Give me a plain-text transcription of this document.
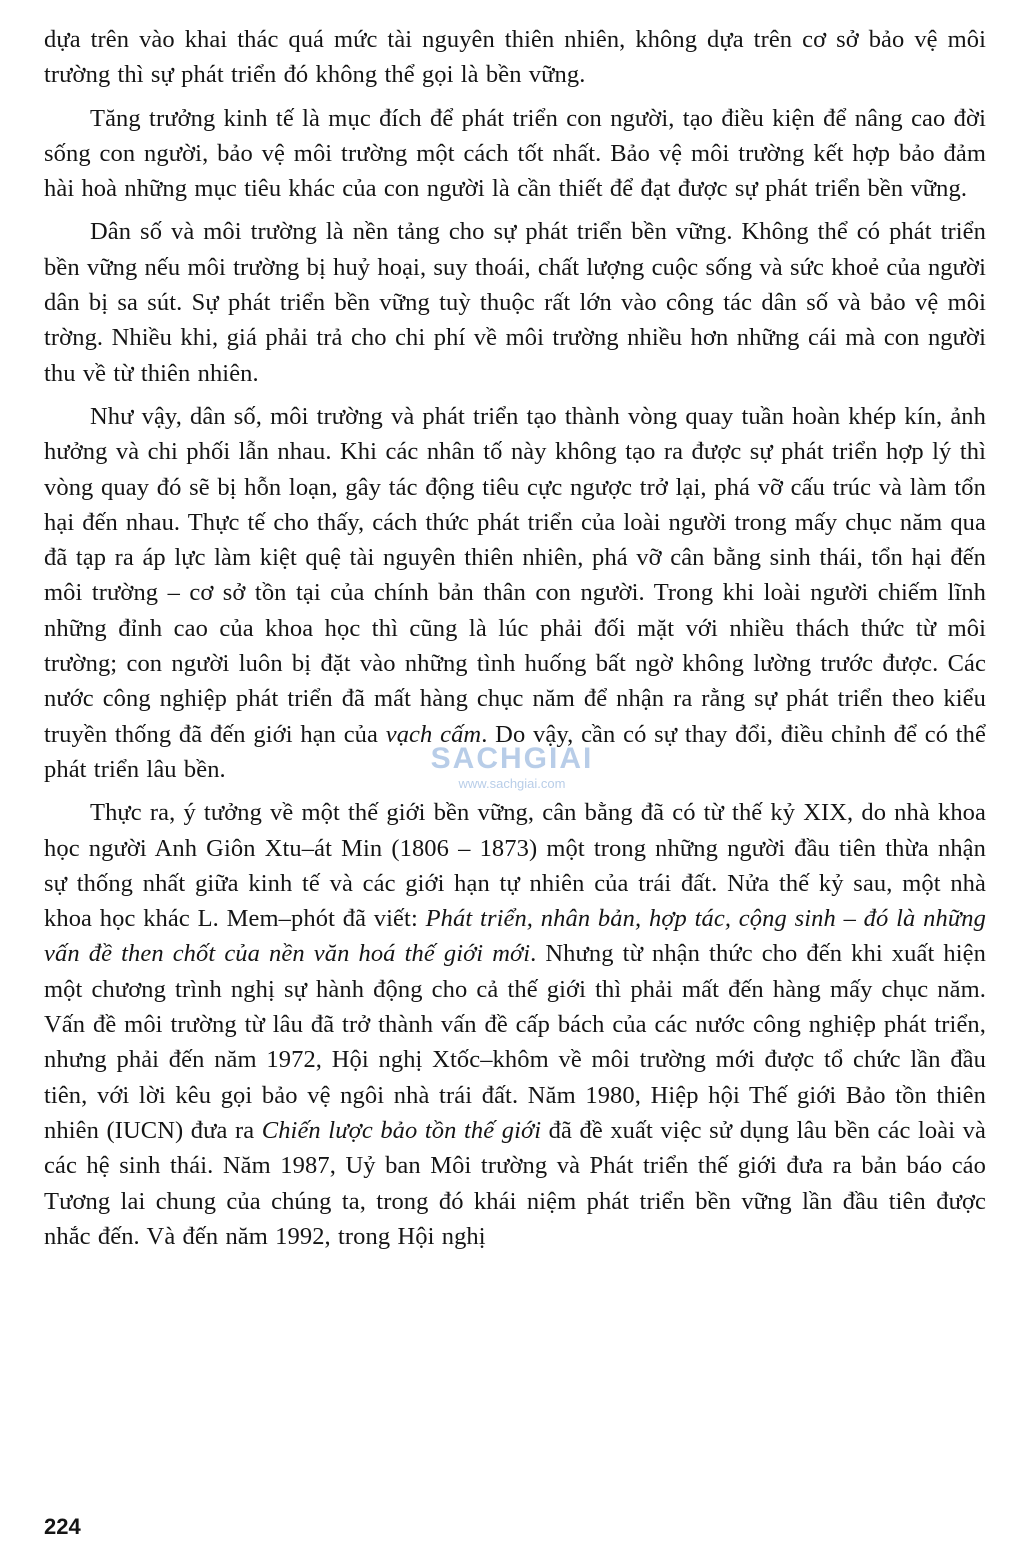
dựa trên vào khai thác quá mức tài nguyên thiên nhiên, không dựa trên cơ sở bảo vệ môi trường thì sự phát triển đó không thể gọi là bền vững.

Tăng trưởng kinh tế là mục đích để phát triển con người, tạo điều kiện để nâng cao đời sống con người, bảo vệ môi trường một cách tốt nhất. Bảo vệ môi trường kết hợp bảo đảm hài hoà những mục tiêu khác của con người là cần thiết để đạt được sự phát triển bền vững.

Dân số và môi trường là nền tảng cho sự phát triển bền vững. Không thể có phát triển bền vững nếu môi trường bị huỷ hoại, suy thoái, chất lượng cuộc sống và sức khoẻ của người dân bị sa sút. Sự phát triển bền vững tuỳ thuộc rất lớn vào công tác dân số và bảo vệ môi trờng. Nhiều khi, giá phải trả cho chi phí về môi trường nhiều hơn những cái mà con người thu về từ thiên nhiên.

Như vậy, dân số, môi trường và phát triển tạo thành vòng quay tuần hoàn khép kín, ảnh hưởng và chi phối lẫn nhau. Khi các nhân tố này không tạo ra được sự phát triển hợp lý thì vòng quay đó sẽ bị hỗn loạn, gây tác động tiêu cực ngược trở lại, phá vỡ cấu trúc và làm tổn hại đến nhau. Thực tế cho thấy, cách thức phát triển của loài người trong mấy chục năm qua đã tạp ra áp lực làm kiệt quệ tài nguyên thiên nhiên, phá vỡ cân bằng sinh thái, tổn hại đến môi trường – cơ sở tồn tại của chính bản thân con người. Trong khi loài người chiếm lĩnh những đỉnh cao của khoa học thì cũng là lúc phải đối mặt với nhiều thách thức từ môi trường; con người luôn bị đặt vào những tình huống bất ngờ không lường trước được. Các nước công nghiệp phát triển đã mất hàng chục năm để nhận ra rằng sự phát triển theo kiểu truyền thống đã đến giới hạn của vạch cấm. Do vậy, cần có sự thay đổi, điều chỉnh để có thể phát triển lâu bền.

Thực ra, ý tưởng về một thế giới bền vững, cân bằng đã có từ thế kỷ XIX, do nhà khoa học người Anh Giôn Xtu–át Min (1806 – 1873) một trong những người đầu tiên thừa nhận sự thống nhất giữa kinh tế và các giới hạn tự nhiên của trái đất. Nửa thế kỷ sau, một nhà khoa học khác L. Mem–phót đã viết: Phát triển, nhân bản, hợp tác, cộng sinh – đó là những vấn đề then chốt của nền văn hoá thế giới mới. Nhưng từ nhận thức cho đến khi xuất hiện một chương trình nghị sự hành động cho cả thế giới thì phải mất đến hàng mấy chục năm. Vấn đề môi trường từ lâu đã trở thành vấn đề cấp bách của các nước công nghiệp phát triển, nhưng phải đến năm 1972, Hội nghị Xtốc–khôm về môi trường mới được tổ chức lần đầu tiên, với lời kêu gọi bảo vệ ngôi nhà trái đất. Năm 1980, Hiệp hội Thế giới Bảo tồn thiên nhiên (IUCN) đưa ra Chiến lược bảo tồn thế giới đã đề xuất việc sử dụng lâu bền các loài và các hệ sinh thái. Năm 1987, Uỷ ban Môi trường và Phát triển thế giới đưa ra bản báo cáo Tương lai chung của chúng ta, trong đó khái niệm phát triển bền vững lần đầu tiên được nhắc đến. Và đến năm 1992, trong Hội nghị

SACHGIAI
www.sachgiai.com
224
